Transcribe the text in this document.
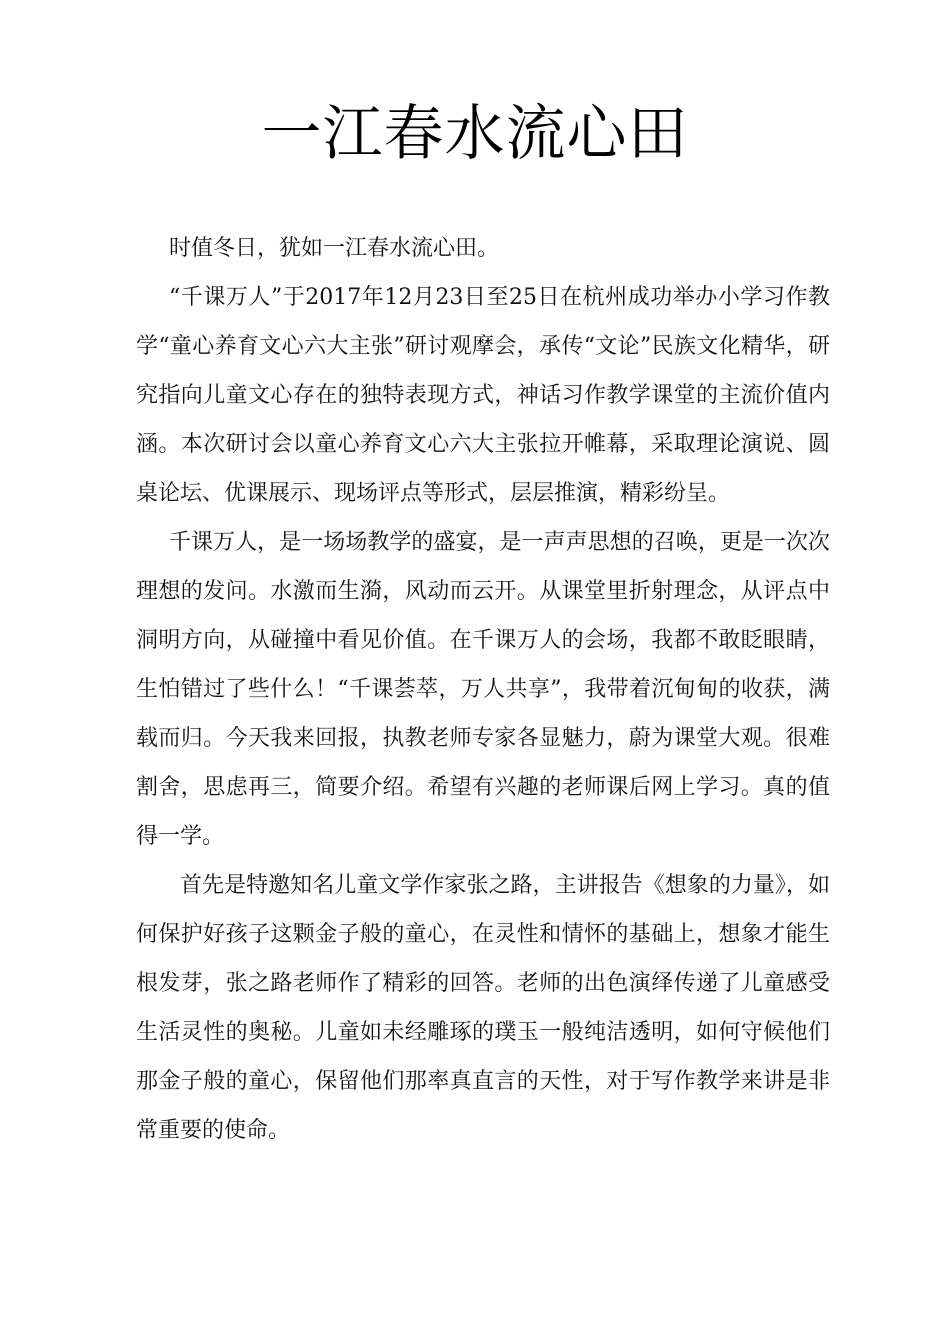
一江春水流心田

时值冬日，犹如一江春水流心田。

“千课万人”于2017年12月23日至25日在杭州成功举办小学习作教学“童心养育文心六大主张”研讨观摩会，承传“文论”民族文化精华，研究指向儿童文心存在的独特表现方式，神话习作教学课堂的主流价值内涵。本次研讨会以童心养育文心六大主张拉开帷幕，采取理论演说、圆桌论坛、优课展示、现场评点等形式，层层推演，精彩纷呈。

千课万人，是一场场教学的盛宴，是一声声思想的召唤，更是一次次理想的发问。水激而生漪，风动而云开。从课堂里折射理念，从评点中洞明方向，从碰撞中看见价值。在千课万人的会场，我都不敢眨眼睛，生怕错过了些什么！“千课荟萃，万人共享”，我带着沉甸甸的收获，满载而归。今天我来回报，执教老师专家各显魅力，蔚为课堂大观。很难割舍，思虑再三，简要介绍。希望有兴趣的老师课后网上学习。真的值得一学。

首先是特邀知名儿童文学作家张之路，主讲报告《想象的力量》，如何保护好孩子这颗金子般的童心，在灵性和情怀的基础上，想象才能生根发芽，张之路老师作了精彩的回答。老师的出色演绎传递了儿童感受生活灵性的奥秘。儿童如未经雕琢的璞玉一般纯洁透明，如何守候他们那金子般的童心，保留他们那率真直言的天性，对于写作教学来讲是非常重要的使命。
